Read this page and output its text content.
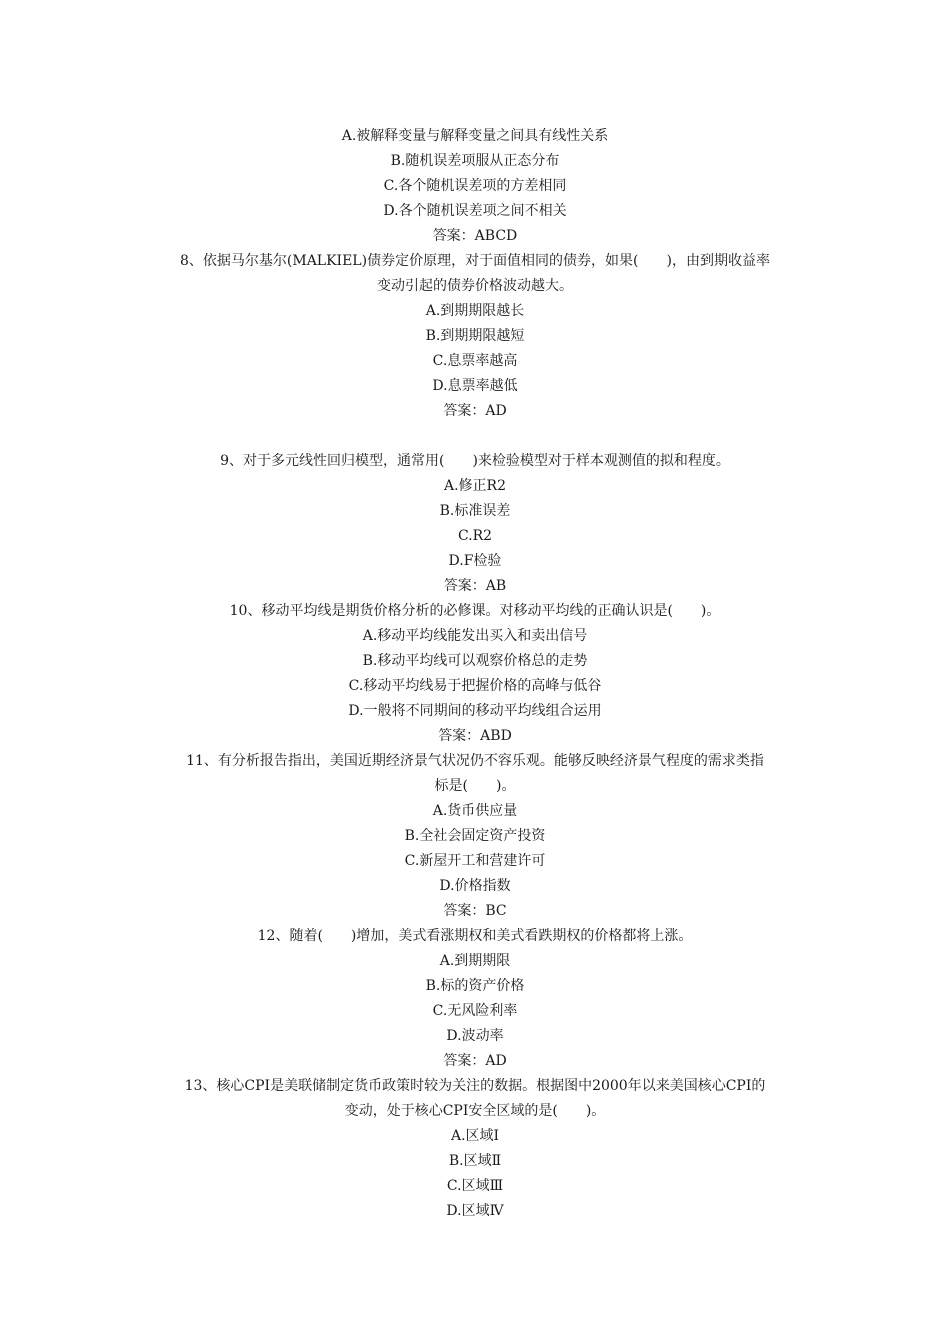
A.被解释变量与解释变量之间具有线性关系
B.随机误差项服从正态分布
C.各个随机误差项的方差相同
D.各个随机误差项之间不相关
答案：ABCD
8、依据马尔基尔(MALKIEL)债券定价原理，对于面值相同的债券，如果(　　)，由到期收益率
变动引起的债券价格波动越大。
A.到期期限越长
B.到期期限越短
C.息票率越高
D.息票率越低
答案：AD
9、对于多元线性回归模型，通常用(　　)来检验模型对于样本观测值的拟和程度。
A.修正R2
B.标准误差
C.R2
D.F检验
答案：AB
10、移动平均线是期货价格分析的必修课。对移动平均线的正确认识是(　　)。
A.移动平均线能发出买入和卖出信号
B.移动平均线可以观察价格总的走势
C.移动平均线易于把握价格的高峰与低谷
D.一般将不同期间的移动平均线组合运用
答案：ABD
11、有分析报告指出，美国近期经济景气状况仍不容乐观。能够反映经济景气程度的需求类指
标是(　　)。
A.货币供应量
B.全社会固定资产投资
C.新屋开工和营建许可
D.价格指数
答案：BC
12、随着(　　)增加，美式看涨期权和美式看跌期权的价格都将上涨。
A.到期期限
B.标的资产价格
C.无风险利率
D.波动率
答案：AD
13、核心CPI是美联储制定货币政策时较为关注的数据。根据图中2000年以来美国核心CPI的
变动，处于核心CPI安全区域的是(　　)。
A.区域Ⅰ
B.区域Ⅱ
C.区域Ⅲ
D.区域Ⅳ
